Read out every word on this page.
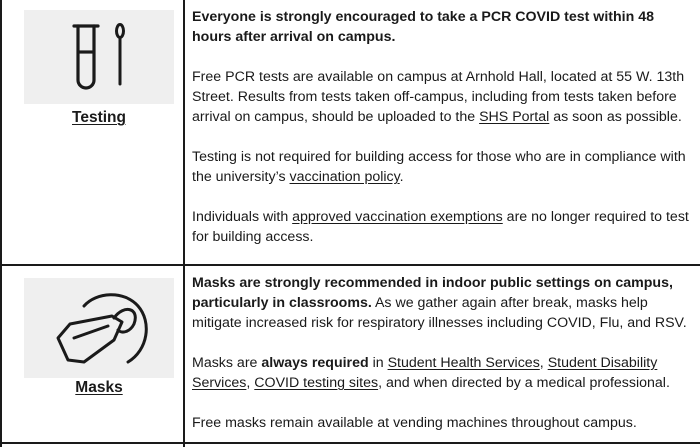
Testing

Everyone is strongly encouraged to take a PCR COVID test within 48 hours after arrival on campus.

Free PCR tests are available on campus at Arnhold Hall, located at 55 W. 13th Street. Results from tests taken off-campus, including from tests taken before arrival on campus, should be uploaded to the SHS Portal as soon as possible.

Testing is not required for building access for those who are in compliance with the university’s vaccination policy.

Individuals with approved vaccination exemptions are no longer required to test for building access.

Masks

Masks are strongly recommended in indoor public settings on campus, particularly in classrooms. As we gather again after break, masks help mitigate increased risk for respiratory illnesses including COVID, Flu, and RSV.

Masks are always required in Student Health Services, Student Disability Services, COVID testing sites, and when directed by a medical professional.

Free masks remain available at vending machines throughout campus.
